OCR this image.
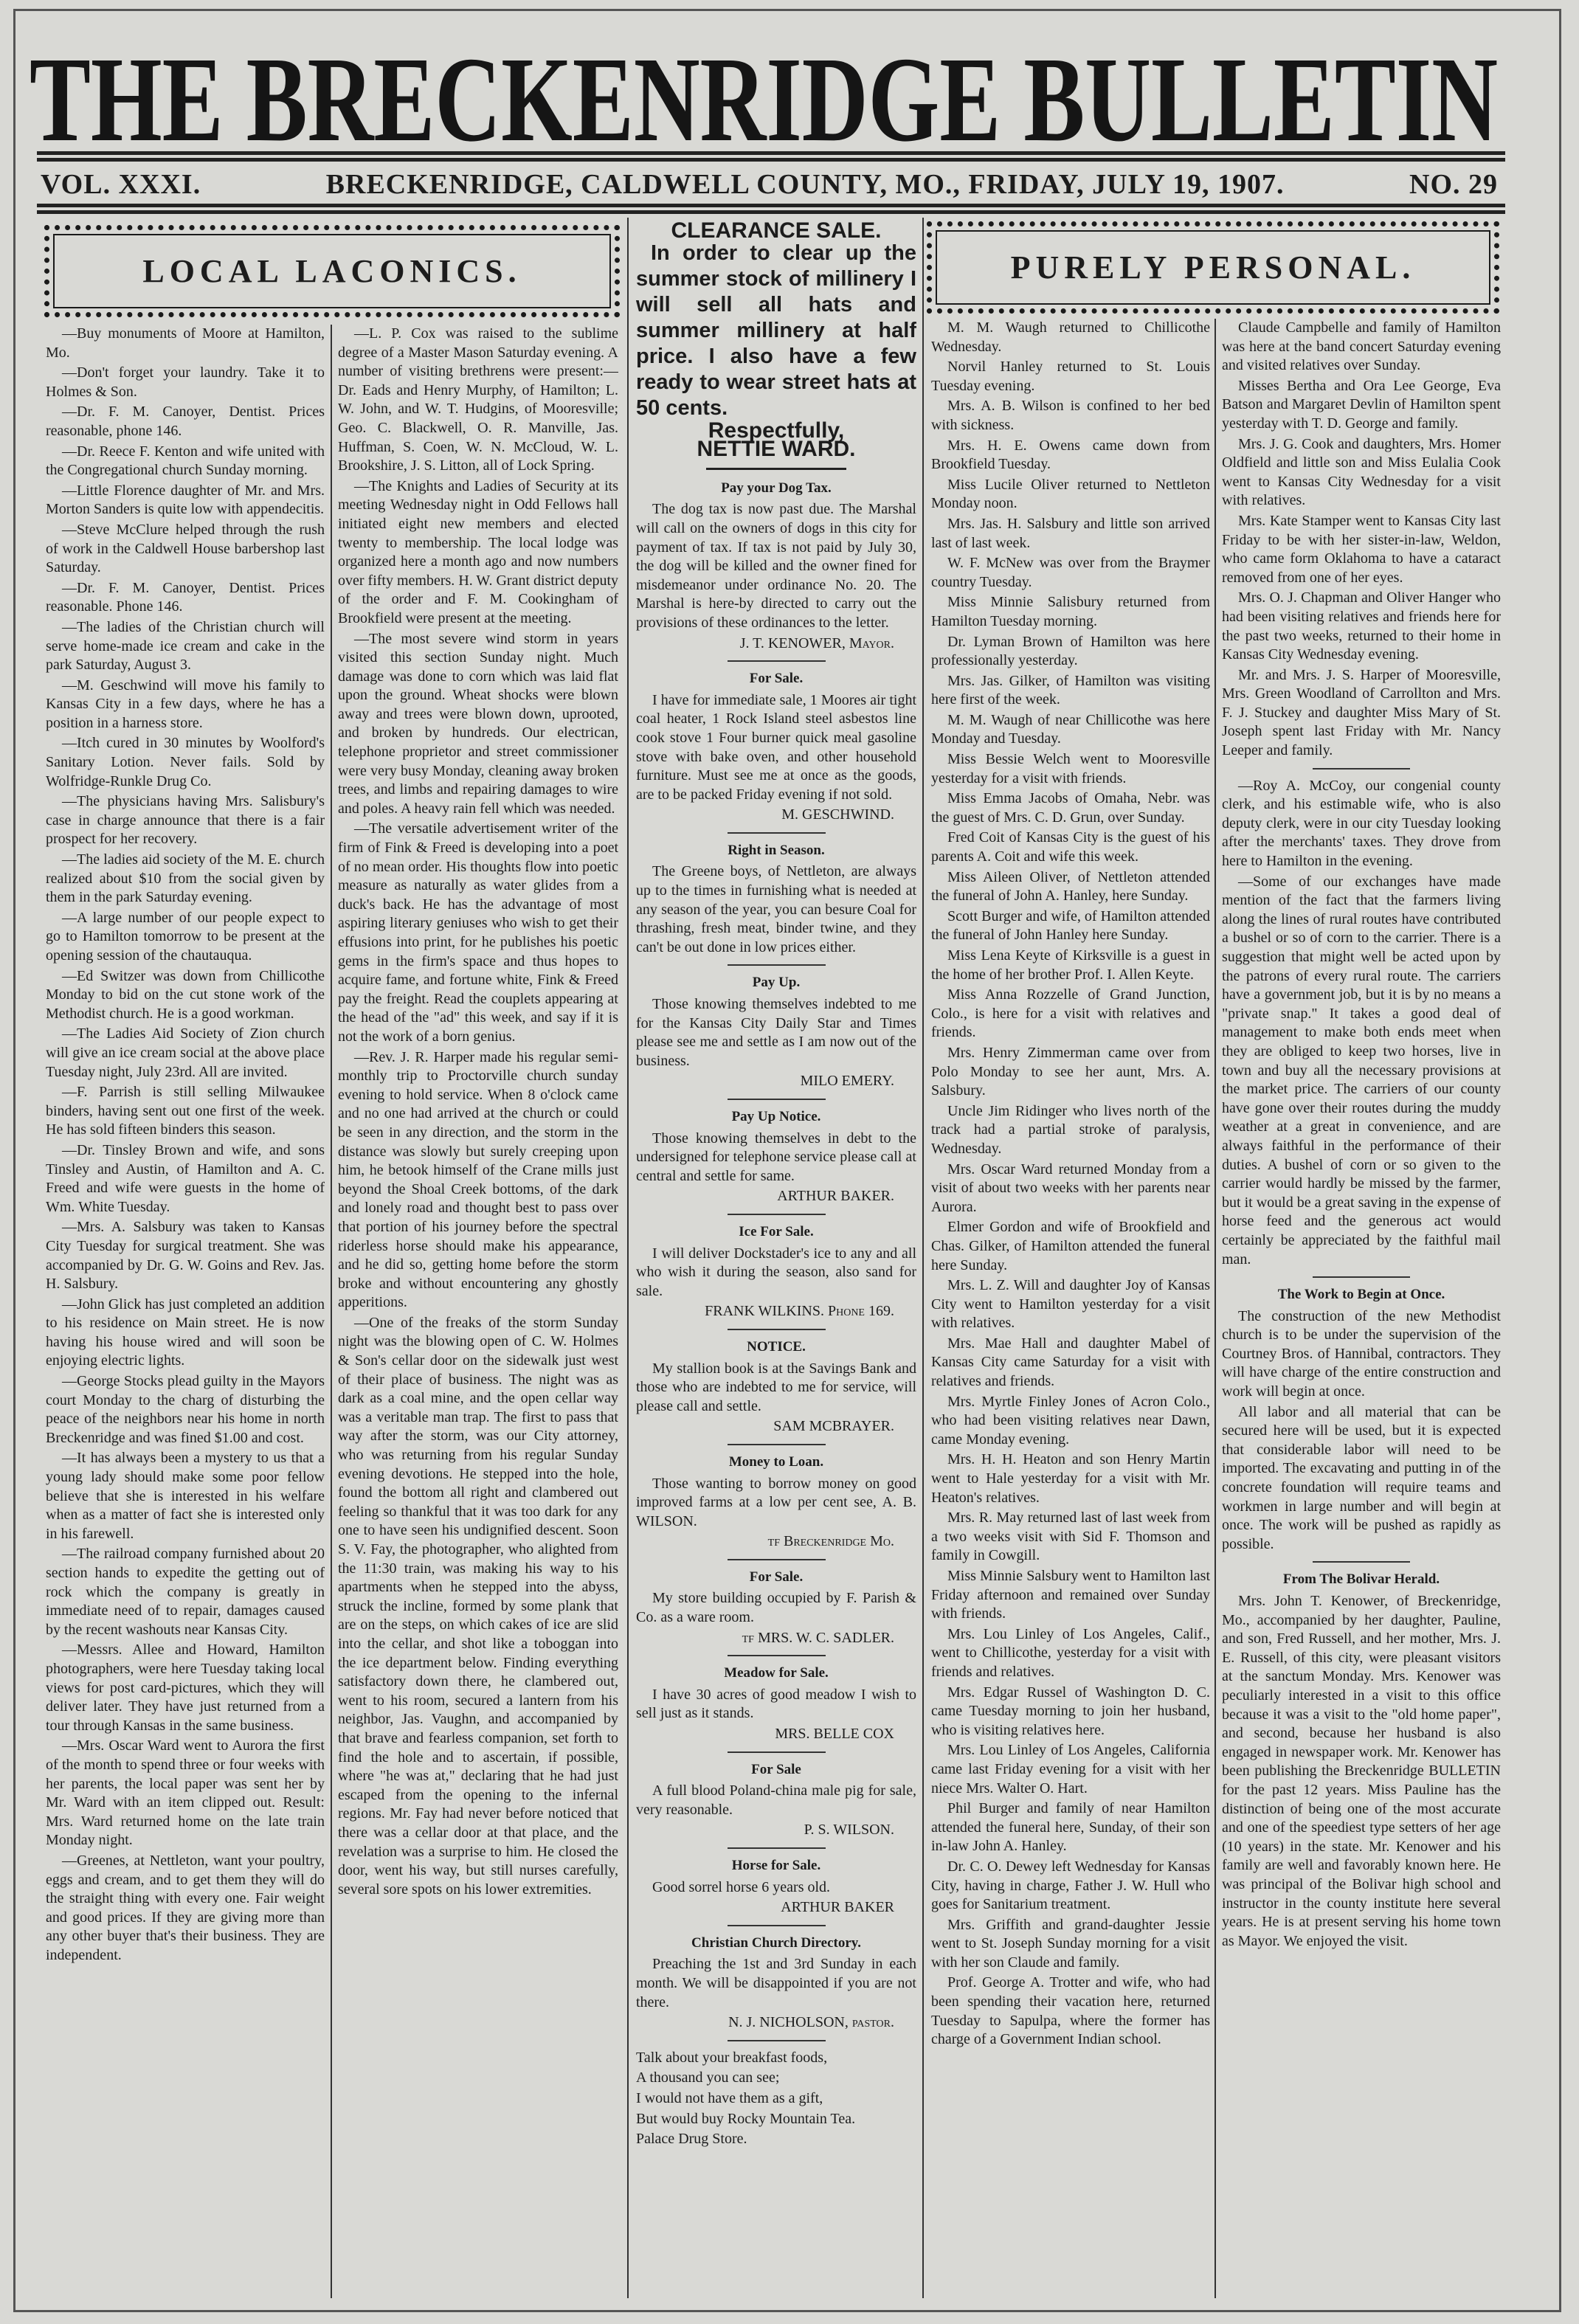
THE BRECKENRIDGE BULLETIN
VOL. XXXI.	BRECKENRIDGE, CALDWELL COUNTY, MO., FRIDAY, JULY 19, 1907.	NO. 29
LOCAL LACONICS.

—Buy monuments of Moore at Hamilton, Mo.

—Don't forget your laundry. Take it to Holmes & Son.

—Dr. F. M. Canoyer, Dentist. Prices reasonable, phone 146.

—Dr. Reece F. Kenton and wife united with the Congregational church Sunday morning.

—Little Florence daughter of Mr. and Mrs. Morton Sanders is quite low with appendecitis.

—Steve McClure helped through the rush of work in the Caldwell House barbershop last Saturday.

—Dr. F. M. Canoyer, Dentist. Prices reasonable. Phone 146.

—The ladies of the Christian church will serve home-made ice cream and cake in the park Saturday, August 3.

—M. Geschwind will move his family to Kansas City in a few days, where he has a position in a harness store.

—Itch cured in 30 minutes by Woolford's Sanitary Lotion. Never fails. Sold by Wolfridge-Runkle Drug Co.

—The physicians having Mrs. Salisbury's case in charge announce that there is a fair prospect for her recovery.

—The ladies aid society of the M. E. church realized about $10 from the social given by them in the park Saturday evening.

—A large number of our people expect to go to Hamilton tomorrow to be present at the opening session of the chautauqua.

—Ed Switzer was down from Chillicothe Monday to bid on the cut stone work of the Methodist church. He is a good workman.

—The Ladies Aid Society of Zion church will give an ice cream social at the above place Tuesday night, July 23rd. All are invited.

—F. Parrish is still selling Milwaukee binders, having sent out one first of the week. He has sold fifteen binders this season.

—Dr. Tinsley Brown and wife, and sons Tinsley and Austin, of Hamilton and A. C. Freed and wife were guests in the home of Wm. White Tuesday.

—Mrs. A. Salsbury was taken to Kansas City Tuesday for surgical treatment. She was accompanied by Dr. G. W. Goins and Rev. Jas. H. Salsbury.

—John Glick has just completed an addition to his residence on Main street. He is now having his house wired and will soon be enjoying electric lights.

—George Stocks plead guilty in the Mayors court Monday to the charg of disturbing the peace of the neighbors near his home in north Breckenridge and was fined $1.00 and cost.

—It has always been a mystery to us that a young lady should make some poor fellow believe that she is interested in his welfare when as a matter of fact she is interested only in his farewell.

—The railroad company furnished about 20 section hands to expedite the getting out of rock which the company is greatly in immediate need of to repair, damages caused by the recent washouts near Kansas City.

—Messrs. Allee and Howard, Hamilton photographers, were here Tuesday taking local views for post card-pictures, which they will deliver later. They have just returned from a tour through Kansas in the same business.

—Mrs. Oscar Ward went to Aurora the first of the month to spend three or four weeks with her parents, the local paper was sent her by Mr. Ward with an item clipped out. Result: Mrs. Ward returned home on the late train Monday night.

—Greenes, at Nettleton, want your poultry, eggs and cream, and to get them they will do the straight thing with every one. Fair weight and good prices. If they are giving more than any other buyer that's their business. They are independent.

—L. P. Cox was raised to the sublime degree of a Master Mason Saturday evening. A number of visiting brethrens were present:—Dr. Eads and Henry Murphy, of Hamilton; L. W. John, and W. T. Hudgins, of Mooresville; Geo. C. Blackwell, O. R. Manville, Jas. Huffman, S. Coen, W. N. McCloud, W. L. Brookshire, J. S. Litton, all of Lock Spring.

—The Knights and Ladies of Security at its meeting Wednesday night in Odd Fellows hall initiated eight new members and elected twenty to membership. The local lodge was organized here a month ago and now numbers over fifty members. H. W. Grant district deputy of the order and F. M. Cookingham of Brookfield were present at the meeting.

—The most severe wind storm in years visited this section Sunday night. Much damage was done to corn which was laid flat upon the ground. Wheat shocks were blown away and trees were blown down, uprooted, and broken by hundreds. Our electrican, telephone proprietor and street commissioner were very busy Monday, cleaning away broken trees, and limbs and repairing damages to wire and poles. A heavy rain fell which was needed.

—The versatile advertisement writer of the firm of Fink & Freed is developing into a poet of no mean order. His thoughts flow into poetic measure as naturally as water glides from a duck's back. He has the advantage of most aspiring literary geniuses who wish to get their effusions into print, for he publishes his poetic gems in the firm's space and thus hopes to acquire fame, and fortune white, Fink & Freed pay the freight. Read the couplets appearing at the head of the "ad" this week, and say if it is not the work of a born genius.

—Rev. J. R. Harper made his regular semi-monthly trip to Proctorville church sunday evening to hold service. When 8 o'clock came and no one had arrived at the church or could be seen in any direction, and the storm in the distance was slowly but surely creeping upon him, he betook himself of the Crane mills just beyond the Shoal Creek bottoms, of the dark and lonely road and thought best to pass over that portion of his journey before the spectral riderless horse should make his appearance, and he did so, getting home before the storm broke and without encountering any ghostly apperitions.

—One of the freaks of the storm Sunday night was the blowing open of C. W. Holmes & Son's cellar door on the sidewalk just west of their place of business. The night was as dark as a coal mine, and the open cellar way was a veritable man trap. The first to pass that way after the storm, was our City attorney, who was returning from his regular Sunday evening devotions. He stepped into the hole, found the bottom all right and clambered out feeling so thankful that it was too dark for any one to have seen his undignified descent. Soon S. V. Fay, the photographer, who alighted from the 11:30 train, was making his way to his apartments when he stepped into the abyss, struck the incline, formed by some plank that are on the steps, on which cakes of ice are slid into the cellar, and shot like a toboggan into the ice department below. Finding everything satisfactory down there, he clambered out, went to his room, secured a lantern from his neighbor, Jas. Vaughn, and accompanied by that brave and fearless companion, set forth to find the hole and to ascertain, if possible, where "he was at," declaring that he had just escaped from the opening to the infernal regions. Mr. Fay had never before noticed that there was a cellar door at that place, and the revelation was a surprise to him. He closed the door, went his way, but still nurses carefully, several sore spots on his lower extremities.

CLEARANCE SALE.
In order to clear up the summer stock of millinery I will sell all hats and summer millinery at half price. I also have a few ready to wear street hats at 50 cents.
Respectfully,
NETTIE WARD.
Pay your Dog Tax.

The dog tax is now past due. The Marshal will call on the owners of dogs in this city for payment of tax. If tax is not paid by July 30, the dog will be killed and the owner fined for misdemeanor under ordinance No. 20. The Marshal is here-by directed to carry out the provisions of these ordinances to the letter.

J. T. KENOWER, Mayor.
For Sale.

I have for immediate sale, 1 Moores air tight coal heater, 1 Rock Island steel asbestos line cook stove 1 Four burner quick meal gasoline stove with bake oven, and other household furniture. Must see me at once as the goods, are to be packed Friday evening if not sold.

M. GESCHWIND.
Right in Season.

The Greene boys, of Nettleton, are always up to the times in furnishing what is needed at any season of the year, you can besure Coal for thrashing, fresh meat, binder twine, and they can't be out done in low prices either.

Pay Up.

Those knowing themselves indebted to me for the Kansas City Daily Star and Times please see me and settle as I am now out of the business.

MILO EMERY.
Pay Up Notice.

Those knowing themselves in debt to the undersigned for telephone service please call at central and settle for same.

ARTHUR BAKER.
Ice For Sale.

I will deliver Dockstader's ice to any and all who wish it during the season, also sand for sale.

FRANK WILKINS. Phone 169.
NOTICE.

My stallion book is at the Savings Bank and those who are indebted to me for service, will please call and settle.

SAM MCBRAYER.
Money to Loan.

Those wanting to borrow money on good improved farms at a low per cent see, A. B. WILSON.

tf Breckenridge Mo.
For Sale.

My store building occupied by F. Parish & Co. as a ware room.

tf MRS. W. C. SADLER.
Meadow for Sale.

I have 30 acres of good meadow I wish to sell just as it stands.

MRS. BELLE COX
For Sale

A full blood Poland-china male pig for sale, very reasonable.

P. S. WILSON.
Horse for Sale.

Good sorrel horse 6 years old.

ARTHUR BAKER
Christian Church Directory.

Preaching the 1st and 3rd Sunday in each month. We will be disappointed if you are not there.

N. J. NICHOLSON, pastor.

Talk about your breakfast foods,

A thousand you can see;

I would not have them as a gift,

But would buy Rocky Mountain Tea.

Palace Drug Store.

PURELY PERSONAL.

M. M. Waugh returned to Chillicothe Wednesday.

Norvil Hanley returned to St. Louis Tuesday evening.

Mrs. A. B. Wilson is confined to her bed with sickness.

Mrs. H. E. Owens came down from Brookfield Tuesday.

Miss Lucile Oliver returned to Nettleton Monday noon.

Mrs. Jas. H. Salsbury and little son arrived last of last week.

W. F. McNew was over from the Braymer country Tuesday.

Miss Minnie Salisbury returned from Hamilton Tuesday morning.

Dr. Lyman Brown of Hamilton was here professionally yesterday.

Mrs. Jas. Gilker, of Hamilton was visiting here first of the week.

M. M. Waugh of near Chillicothe was here Monday and Tuesday.

Miss Bessie Welch went to Mooresville yesterday for a visit with friends.

Miss Emma Jacobs of Omaha, Nebr. was the guest of Mrs. C. D. Grun, over Sunday.

Fred Coit of Kansas City is the guest of his parents A. Coit and wife this week.

Miss Aileen Oliver, of Nettleton attended the funeral of John A. Hanley, here Sunday.

Scott Burger and wife, of Hamilton attended the funeral of John Hanley here Sunday.

Miss Lena Keyte of Kirksville is a guest in the home of her brother Prof. I. Allen Keyte.

Miss Anna Rozzelle of Grand Junction, Colo., is here for a visit with relatives and friends.

Mrs. Henry Zimmerman came over from Polo Monday to see her aunt, Mrs. A. Salsbury.

Uncle Jim Ridinger who lives north of the track had a partial stroke of paralysis, Wednesday.

Mrs. Oscar Ward returned Monday from a visit of about two weeks with her parents near Aurora.

Elmer Gordon and wife of Brookfield and Chas. Gilker, of Hamilton attended the funeral here Sunday.

Mrs. L. Z. Will and daughter Joy of Kansas City went to Hamilton yesterday for a visit with relatives.

Mrs. Mae Hall and daughter Mabel of Kansas City came Saturday for a visit with relatives and friends.

Mrs. Myrtle Finley Jones of Acron Colo., who had been visiting relatives near Dawn, came Monday evening.

Mrs. H. H. Heaton and son Henry Martin went to Hale yesterday for a visit with Mr. Heaton's relatives.

Mrs. R. May returned last of last week from a two weeks visit with Sid F. Thomson and family in Cowgill.

Miss Minnie Salsbury went to Hamilton last Friday afternoon and remained over Sunday with friends.

Mrs. Lou Linley of Los Angeles, Calif., went to Chillicothe, yesterday for a visit with friends and relatives.

Mrs. Edgar Russel of Washington D. C. came Tuesday morning to join her husband, who is visiting relatives here.

Mrs. Lou Linley of Los Angeles, California came last Friday evening for a visit with her niece Mrs. Walter O. Hart.

Phil Burger and family of near Hamilton attended the funeral here, Sunday, of their son in-law John A. Hanley.

Dr. C. O. Dewey left Wednesday for Kansas City, having in charge, Father J. W. Hull who goes for Sanitarium treatment.

Mrs. Griffith and grand-daughter Jessie went to St. Joseph Sunday morning for a visit with her son Claude and family.

Prof. George A. Trotter and wife, who had been spending their vacation here, returned Tuesday to Sapulpa, where the former has charge of a Government Indian school.

Claude Campbelle and family of Hamilton was here at the band concert Saturday evening and visited relatives over Sunday.

Misses Bertha and Ora Lee George, Eva Batson and Margaret Devlin of Hamilton spent yesterday with T. D. George and family.

Mrs. J. G. Cook and daughters, Mrs. Homer Oldfield and little son and Miss Eulalia Cook went to Kansas City Wednesday for a visit with relatives.

Mrs. Kate Stamper went to Kansas City last Friday to be with her sister-in-law, Weldon, who came form Oklahoma to have a cataract removed from one of her eyes.

Mrs. O. J. Chapman and Oliver Hanger who had been visiting relatives and friends here for the past two weeks, returned to their home in Kansas City Wednesday evening.

Mr. and Mrs. J. S. Harper of Mooresville, Mrs. Green Woodland of Carrollton and Mrs. F. J. Stuckey and daughter Miss Mary of St. Joseph spent last Friday with Mr. Nancy Leeper and family.

—Roy A. McCoy, our congenial county clerk, and his estimable wife, who is also deputy clerk, were in our city Tuesday looking after the merchants' taxes. They drove from here to Hamilton in the evening.

—Some of our exchanges have made mention of the fact that the farmers living along the lines of rural routes have contributed a bushel or so of corn to the carrier. There is a suggestion that might well be acted upon by the patrons of every rural route. The carriers have a government job, but it is by no means a "private snap." It takes a good deal of management to make both ends meet when they are obliged to keep two horses, live in town and buy all the necessary provisions at the market price. The carriers of our county have gone over their routes during the muddy weather at a great in convenience, and are always faithful in the performance of their duties. A bushel of corn or so given to the carrier would hardly be missed by the farmer, but it would be a great saving in the expense of horse feed and the generous act would certainly be appreciated by the faithful mail man.

The Work to Begin at Once.

The construction of the new Methodist church is to be under the supervision of the Courtney Bros. of Hannibal, contractors. They will have charge of the entire construction and work will begin at once.

All labor and all material that can be secured here will be used, but it is expected that considerable labor will need to be imported. The excavating and putting in of the concrete foundation will require teams and workmen in large number and will begin at once. The work will be pushed as rapidly as possible.

From The Bolivar Herald.

Mrs. John T. Kenower, of Breckenridge, Mo., accompanied by her daughter, Pauline, and son, Fred Russell, and her mother, Mrs. J. E. Russell, of this city, were pleasant visitors at the sanctum Monday. Mrs. Kenower was peculiarly interested in a visit to this office because it was a visit to the "old home paper", and second, because her husband is also engaged in newspaper work. Mr. Kenower has been publishing the Breckenridge BULLETIN for the past 12 years. Miss Pauline has the distinction of being one of the most accurate and one of the speediest type setters of her age (10 years) in the state. Mr. Kenower and his family are well and favorably known here. He was principal of the Bolivar high school and instructor in the county institute here several years. He is at present serving his home town as Mayor. We enjoyed the visit.
